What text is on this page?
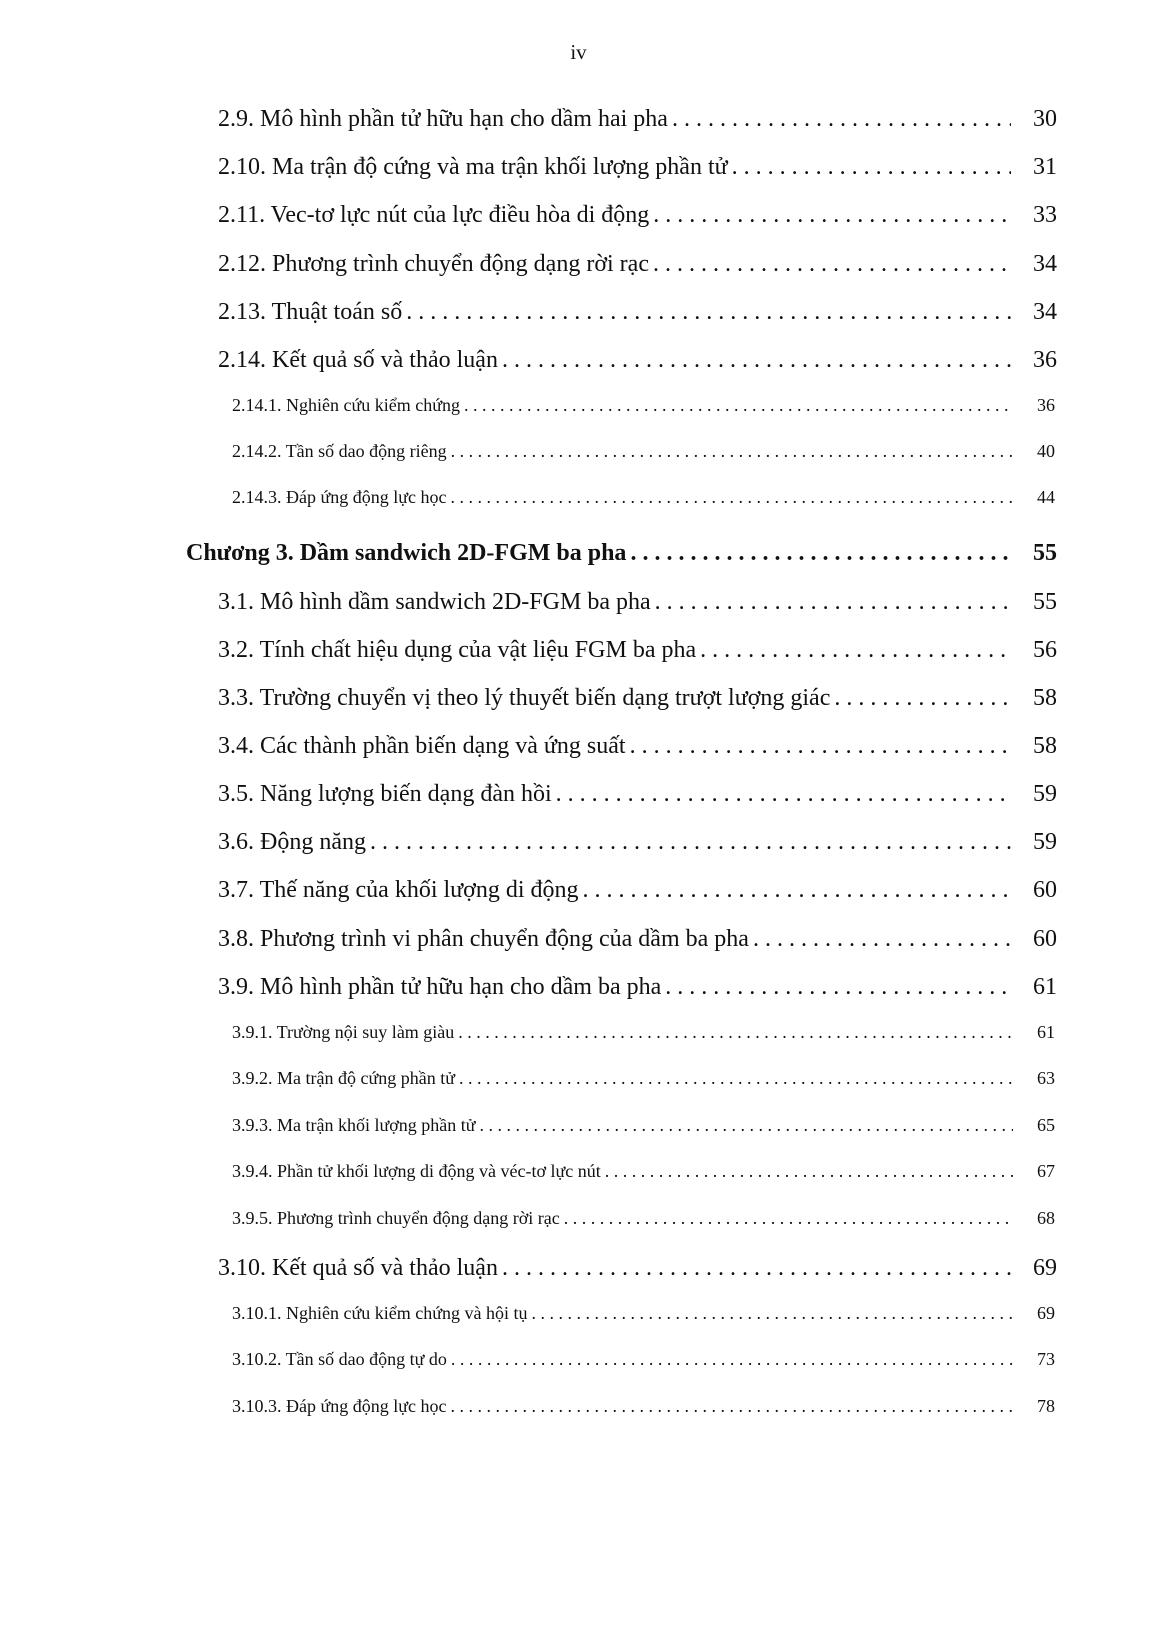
iv
2.9. Mô hình phần tử hữu hạn cho dầm hai pha . . .	30
2.10. Ma trận độ cứng và ma trận khối lượng phần tử . . .	31
2.11. Vec-tơ lực nút của lực điều hòa di động . . .	33
2.12. Phương trình chuyển động dạng rời rạc . . .	34
2.13. Thuật toán số . . .	34
2.14. Kết quả số và thảo luận . . .	36
2.14.1. Nghiên cứu kiểm chứng . . .	36
2.14.2. Tần số dao động riêng . . .	40
2.14.3. Đáp ứng động lực học . . .	44
Chương 3. Dầm sandwich 2D-FGM ba pha . . .	55
3.1. Mô hình dầm sandwich 2D-FGM ba pha . . .	55
3.2. Tính chất hiệu dụng của vật liệu FGM ba pha . . .	56
3.3. Trường chuyển vị theo lý thuyết biến dạng trượt lượng giác . . .	58
3.4. Các thành phần biến dạng và ứng suất . . .	58
3.5. Năng lượng biến dạng đàn hồi . . .	59
3.6. Động năng . . .	59
3.7. Thế năng của khối lượng di động . . .	60
3.8. Phương trình vi phân chuyển động của dầm ba pha . . .	60
3.9. Mô hình phần tử hữu hạn cho dầm ba pha . . .	61
3.9.1. Trường nội suy làm giàu . . .	61
3.9.2. Ma trận độ cứng phần tử . . .	63
3.9.3. Ma trận khối lượng phần tử . . .	65
3.9.4. Phần tử khối lượng di động và véc-tơ lực nút . . .	67
3.9.5. Phương trình chuyển động dạng rời rạc . . .	68
3.10. Kết quả số và thảo luận . . .	69
3.10.1. Nghiên cứu kiểm chứng và hội tụ . . .	69
3.10.2. Tần số dao động tự do . . .	73
3.10.3. Đáp ứng động lực học . . .	78
